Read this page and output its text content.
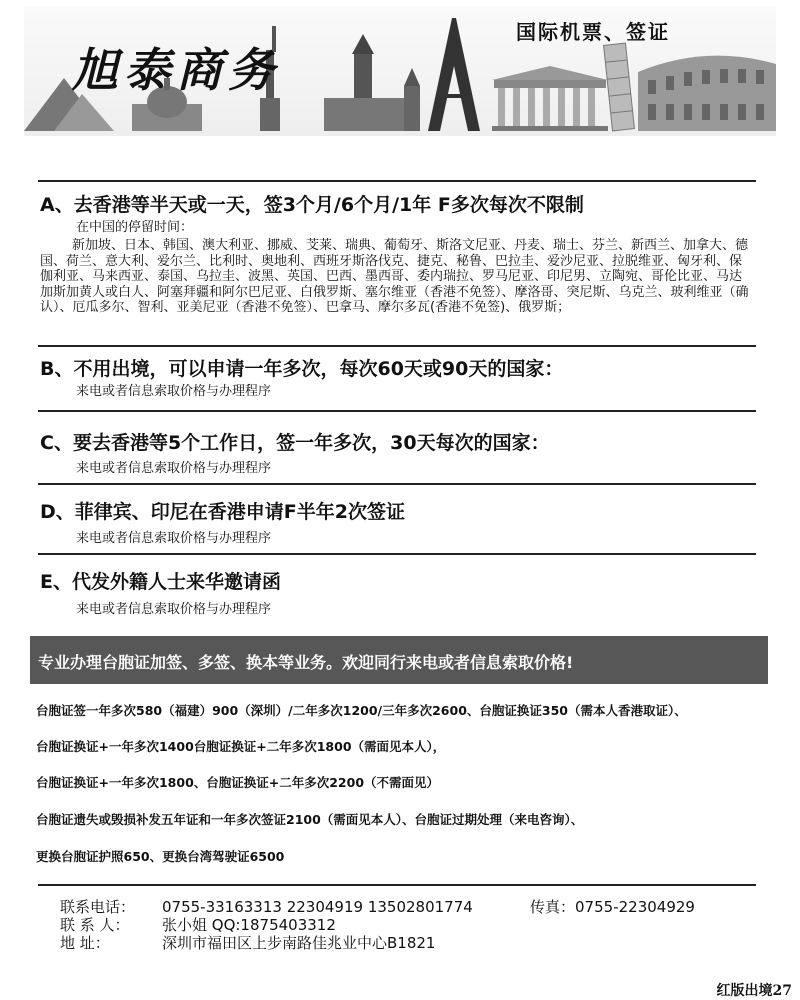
旭泰商务
国际机票、签证
A、去香港等半天或一天，签3个月/6个月/1年 F多次每次不限制
在中国的停留时间：
新加坡、日本、韩国、澳大利亚、挪威、芠莱、瑞典、葡萄牙、斯洛文尼亚、丹麦、瑞士、芬兰、新西兰、加拿大、德国、荷兰、意大利、爱尔兰、比利时、奥地利、西班牙斯洛伐克、捷克、秘鲁、巴拉圭、爱沙尼亚、拉脱维亚、匈牙利、保伽利亚、马来西亚、泰国、乌拉圭、波黑、英国、巴西、墨西哥、委内瑞拉、罗马尼亚、印尼男、立陶宛、哥伦比亚、马达加斯加黄人或白人、阿塞拜疆和阿尔巴尼亚、白俄罗斯、塞尔维亚（香港不免签）、摩洛哥、突尼斯、乌克兰、玻利维亚（确认）、厄瓜多尔、智利、亚美尼亚（香港不免签）、巴拿马、摩尔多瓦(香港不免签)、俄罗斯；
B、不用出境，可以申请一年多次，每次60天或90天的国家：
来电或者信息索取价格与办理程序
C、要去香港等5个工作日，签一年多次，30天每次的国家：
来电或者信息索取价格与办理程序
D、菲律宾、印尼在香港申请F半年2次签证
来电或者信息索取价格与办理程序
E、代发外籍人士来华邀请函
来电或者信息索取价格与办理程序
专业办理台胞证加签、多签、换本等业务。欢迎同行来电或者信息索取价格!
台胞证签一年多次580（福建）900（深圳）/二年多次1200/三年多次2600、台胞证换证350（需本人香港取证）、
台胞证换证+一年多次1400台胞证换证+二年多次1800（需面见本人），
台胞证换证+一年多次1800、台胞证换证+二年多次2200（不需面见）
台胞证遗失或毁损补发五年证和一年多次签证2100（需面见本人）、台胞证过期处理（来电咨询）、
更换台胞证护照650、更换台湾驾驶证6500
联系电话： 0755-33163313 22304919 13502801774	传真：0755-22304929
联 系 人： 张小姐 QQ:1875403312
地 址：	深圳市福田区上步南路佳兆业中心B1821
红版出境27
